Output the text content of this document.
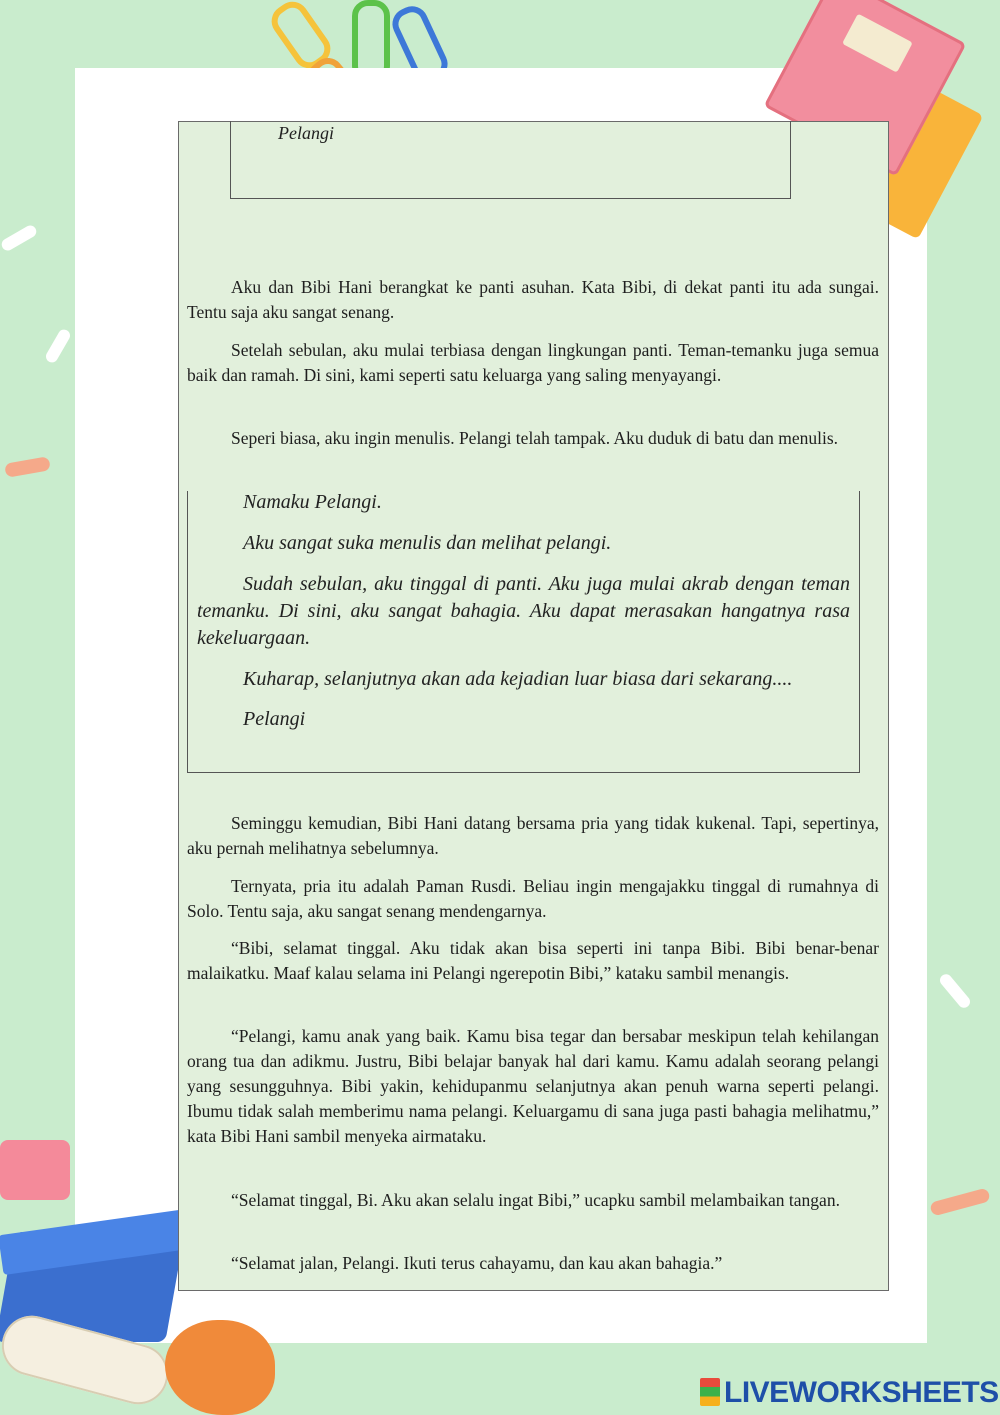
Pelangi

Aku dan Bibi Hani berangkat ke panti asuhan. Kata Bibi, di dekat panti itu ada sungai. Tentu saja aku sangat senang.

Setelah sebulan, aku mulai terbiasa dengan lingkungan panti. Teman-temanku juga semua baik dan ramah. Di sini, kami seperti satu keluarga yang saling menyayangi.

Seperi biasa, aku ingin menulis. Pelangi telah tampak. Aku duduk di batu dan menulis.

Namaku Pelangi.

Aku sangat suka menulis dan melihat pelangi.

Sudah sebulan, aku tinggal di panti. Aku juga mulai akrab dengan teman temanku. Di sini, aku sangat bahagia. Aku dapat merasakan hangatnya rasa kekeluargaan.

Kuharap, selanjutnya akan ada kejadian luar biasa dari sekarang....

Pelangi

Seminggu kemudian, Bibi Hani datang bersama pria yang tidak kukenal. Tapi, sepertinya, aku pernah melihatnya sebelumnya.

Ternyata, pria itu adalah Paman Rusdi. Beliau ingin mengajakku tinggal di rumahnya di Solo. Tentu saja, aku sangat senang mendengarnya.

“Bibi, selamat tinggal. Aku tidak akan bisa seperti ini tanpa Bibi. Bibi benar-benar malaikatku. Maaf kalau selama ini Pelangi ngerepotin Bibi,” kataku sambil menangis.

“Pelangi, kamu anak yang baik. Kamu bisa tegar dan bersabar meskipun telah kehilangan orang tua dan adikmu. Justru, Bibi belajar banyak hal dari kamu. Kamu adalah seorang pelangi yang sesungguhnya. Bibi yakin, kehidupanmu selanjutnya akan penuh warna seperti pelangi. Ibumu tidak salah memberimu nama pelangi. Keluargamu di sana juga pasti bahagia melihatmu,” kata Bibi Hani sambil menyeka airmataku.

“Selamat tinggal, Bi. Aku akan selalu ingat Bibi,” ucapku sambil melambaikan tangan.

“Selamat jalan, Pelangi. Ikuti terus cahayamu, dan kau akan bahagia.”

LIVEWORKSHEETS
